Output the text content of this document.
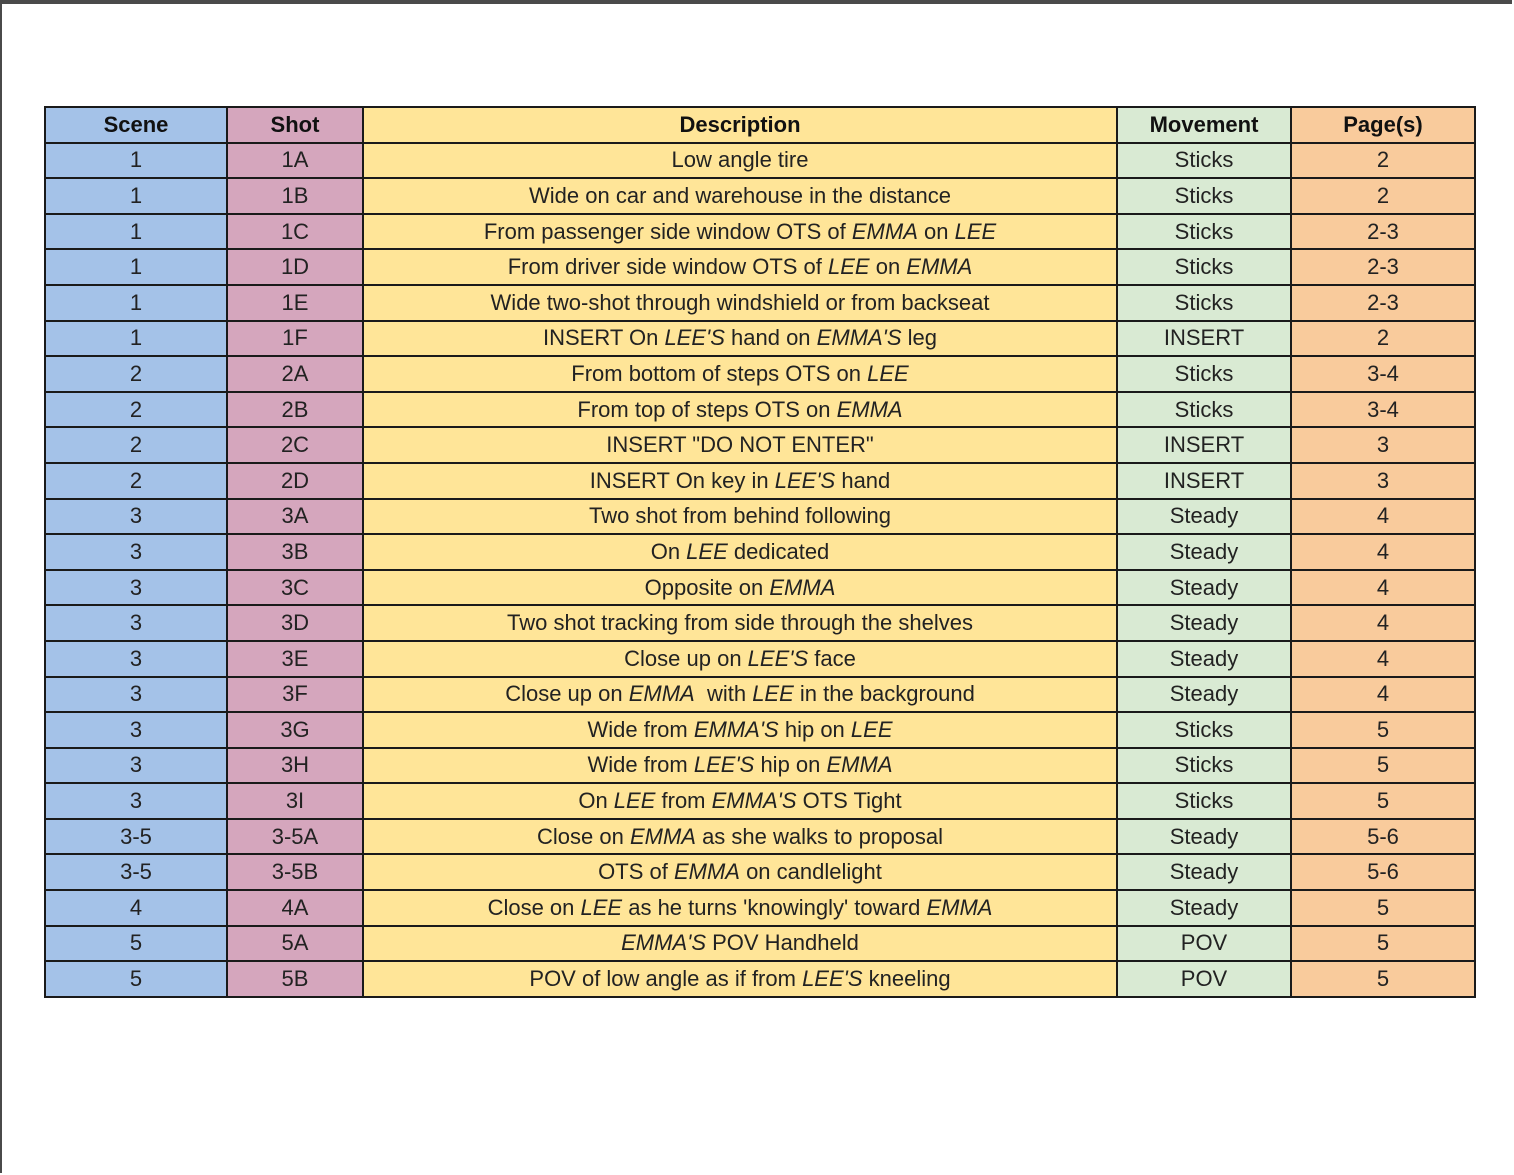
Scene	Shot	Description	Movement	Page(s)
1	1A	Low angle tire	Sticks	2
1	1B	Wide on car and warehouse in the distance	Sticks	2
1	1C	From passenger side window OTS of EMMA on LEE	Sticks	2-3
1	1D	From driver side window OTS of LEE on EMMA	Sticks	2-3
1	1E	Wide two-shot through windshield or from backseat	Sticks	2-3
1	1F	INSERT On LEE'S hand on EMMA'S leg	INSERT	2
2	2A	From bottom of steps OTS on LEE	Sticks	3-4
2	2B	From top of steps OTS on EMMA	Sticks	3-4
2	2C	INSERT "DO NOT ENTER"	INSERT	3
2	2D	INSERT On key in LEE'S hand	INSERT	3
3	3A	Two shot from behind following	Steady	4
3	3B	On LEE dedicated	Steady	4
3	3C	Opposite on EMMA	Steady	4
3	3D	Two shot tracking from side through the shelves	Steady	4
3	3E	Close up on LEE'S face	Steady	4
3	3F	Close up on EMMA  with LEE in the background	Steady	4
3	3G	Wide from EMMA'S hip on LEE	Sticks	5
3	3H	Wide from LEE'S hip on EMMA	Sticks	5
3	3I	On LEE from EMMA'S OTS Tight	Sticks	5
3-5	3-5A	Close on EMMA as she walks to proposal	Steady	5-6
3-5	3-5B	OTS of EMMA on candlelight	Steady	5-6
4	4A	Close on LEE as he turns 'knowingly' toward EMMA	Steady	5
5	5A	EMMA'S POV Handheld	POV	5
5	5B	POV of low angle as if from LEE'S kneeling	POV	5
